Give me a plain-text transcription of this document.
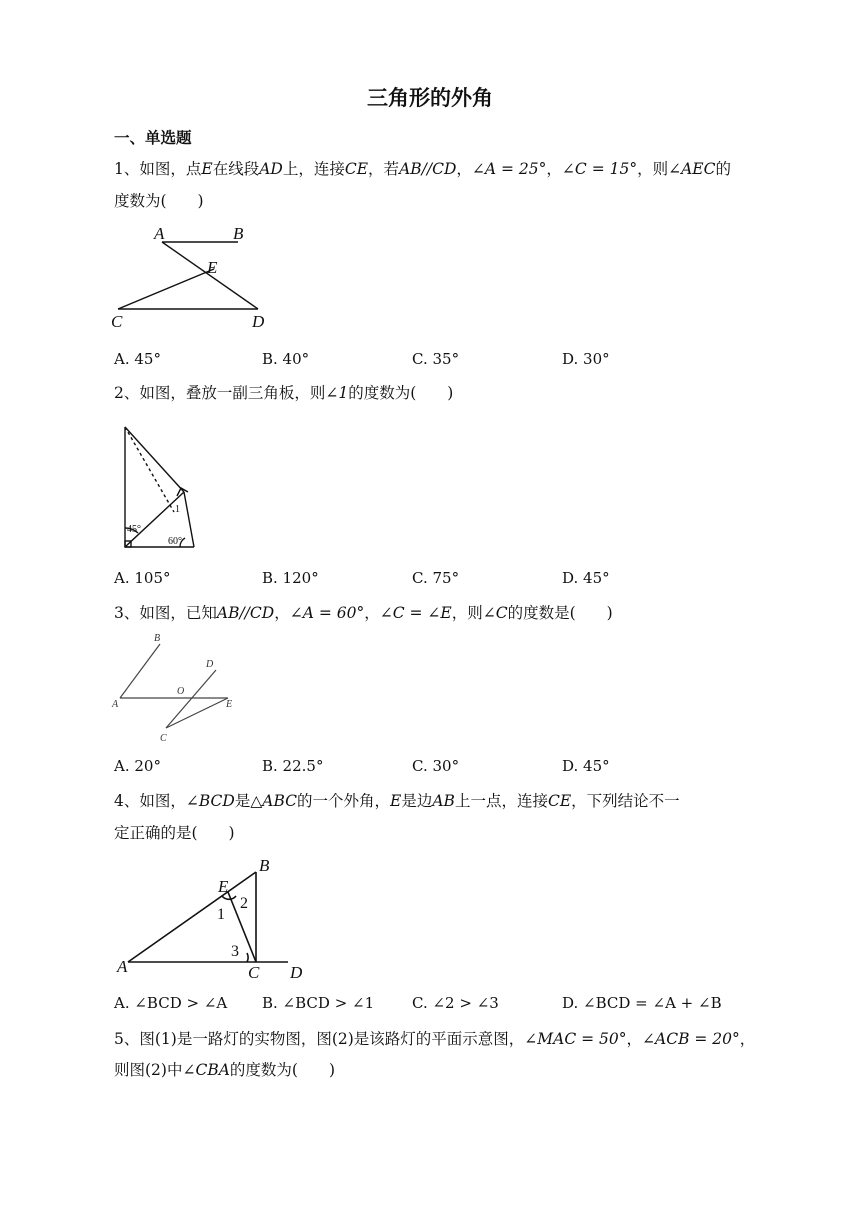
三角形的外角
一、单选题
1、如图，点E在线段AD上，连接CE，若AB//CD，∠A = 25°，∠C = 15°，则∠AEC的
度数为(　　)
A	B
E
C	D
A. 45°	B. 40°	C. 35°	D. 30°
2、如图，叠放一副三角板，则∠1的度数为(　　)
45°
60°
1
A. 105°	B. 120°	C. 75°	D. 45°
3、如图，已知AB//CD，∠A = 60°，∠C = ∠E，则∠C的度数是(　　)
B
D
O
A	E
C
A. 20°	B. 22.5°	C. 30°	D. 45°
4、如图，∠BCD是△ABC的一个外角，E是边AB上一点，连接CE，下列结论不一
定正确的是(　　)
B
E
A	C D
2
1
3
A. ∠BCD > ∠A B. ∠BCD > ∠1	C. ∠2 > ∠3	D. ∠BCD = ∠A + ∠B
5、图(1)是一路灯的实物图，图(2)是该路灯的平面示意图，∠MAC = 50°，∠ACB = 20°，
则图(2)中∠CBA的度数为(　　)
